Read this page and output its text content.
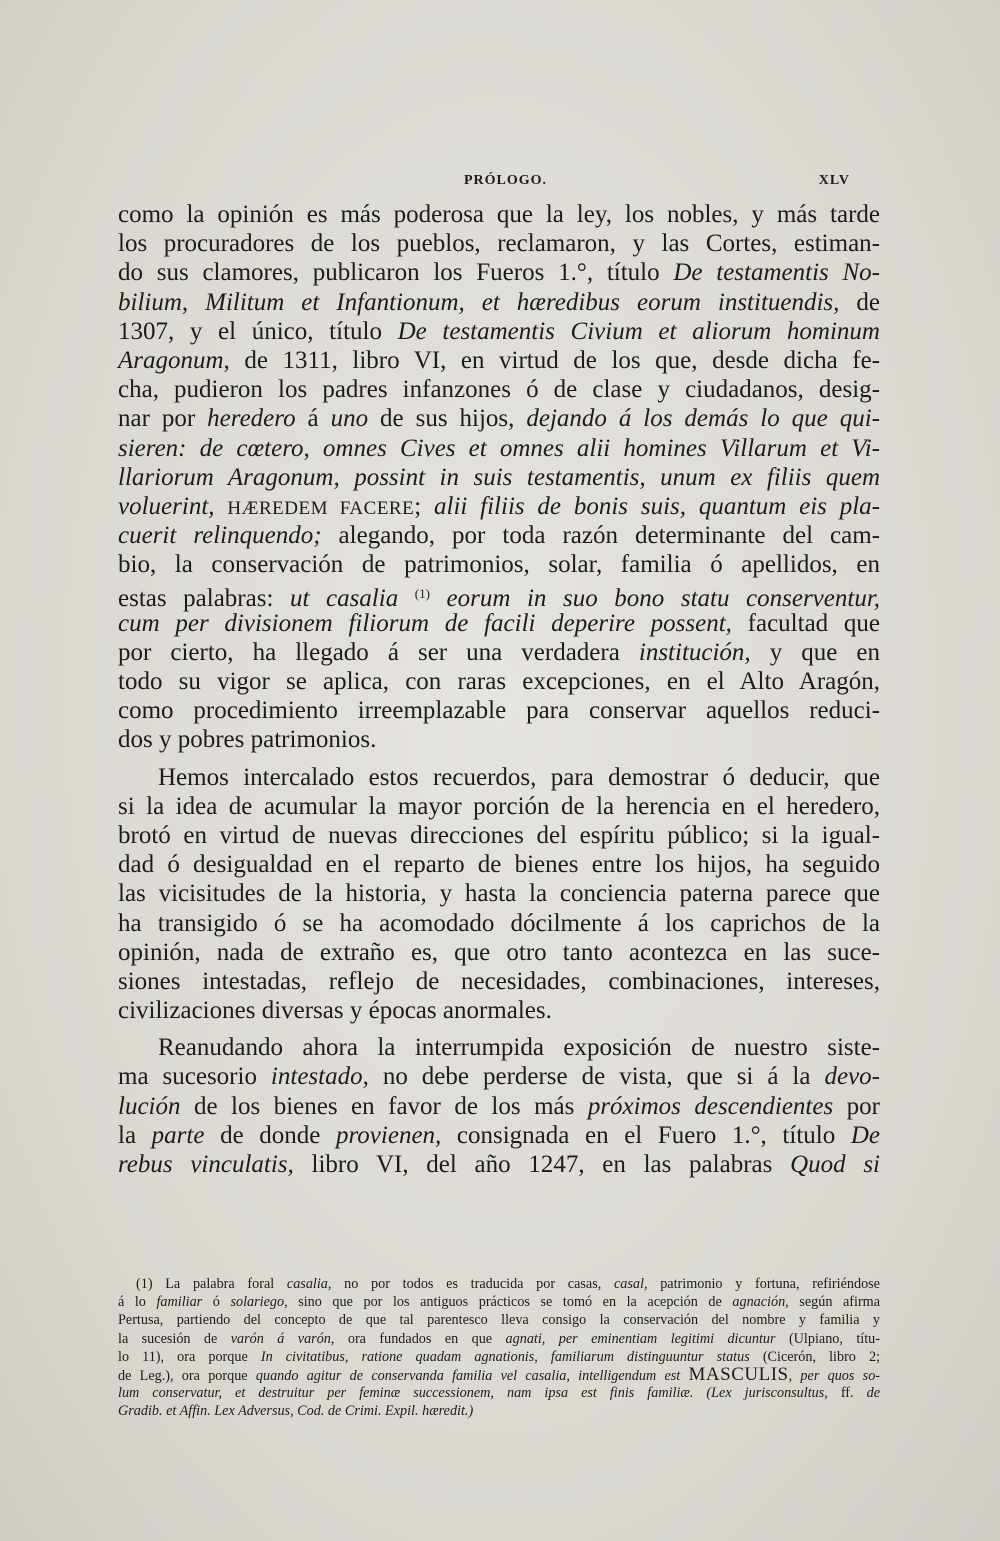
PRÓLOGO.	XLV
como la opinión es más poderosa que la ley, los nobles, y más tarde
los procuradores de los pueblos, reclamaron, y las Cortes, estiman-
do sus clamores, publicaron los Fueros 1.°, título De testamentis No-
bilium, Militum et Infantionum, et hæredibus eorum instituendis, de
1307, y el único, título De testamentis Civium et aliorum hominum
Aragonum, de 1311, libro VI, en virtud de los que, desde dicha fe-
cha, pudieron los padres infanzones ó de clase y ciudadanos, desig-
nar por heredero á uno de sus hijos, dejando á los demás lo que qui-
sieren: de cœtero, omnes Cives et omnes alii homines Villarum et Vi-
llariorum Aragonum, possint in suis testamentis, unum ex filiis quem
voluerint, HÆREDEM FACERE; alii filiis de bonis suis, quantum eis pla-
cuerit relinquendo; alegando, por toda razón determinante del cam-
bio, la conservación de patrimonios, solar, familia ó apellidos, en
estas palabras: ut casalia $^{(1)}$ eorum in suo bono statu conserventur,
cum per divisionem filiorum de facili deperire possent, facultad que
por cierto, ha llegado á ser una verdadera institución, y que en
todo su vigor se aplica, con raras excepciones, en el Alto Aragón,
como procedimiento irreemplazable para conservar aquellos reduci-
dos y pobres patrimonios.
Hemos intercalado estos recuerdos, para demostrar ó deducir, que
si la idea de acumular la mayor porción de la herencia en el heredero,
brotó en virtud de nuevas direcciones del espíritu público; si la igual-
dad ó desigualdad en el reparto de bienes entre los hijos, ha seguido
las vicisitudes de la historia, y hasta la conciencia paterna parece que
ha transigido ó se ha acomodado dócilmente á los caprichos de la
opinión, nada de extraño es, que otro tanto acontezca en las suce-
siones intestadas, reflejo de necesidades, combinaciones, intereses,
civilizaciones diversas y épocas anormales.
Reanudando ahora la interrumpida exposición de nuestro siste-
ma sucesorio intestado, no debe perderse de vista, que si á la devo-
lución de los bienes en favor de los más próximos descendientes por
la parte de donde provienen, consignada en el Fuero 1.°, título De
rebus vinculatis, libro VI, del año 1247, en las palabras Quod si
(1) La palabra foral casalia, no por todos es traducida por casas, casal, patrimonio y fortuna, refiriéndose
á lo familiar ó solariego, sino que por los antiguos prácticos se tomó en la acepción de agnación, según afirma
Pertusa, partiendo del concepto de que tal parentesco lleva consigo la conservación del nombre y familia y
la sucesión de varón á varón, ora fundados en que agnati, per eminentiam legitimi dicuntur (Ulpiano, títu-
lo 11), ora porque In civitatibus, ratione quadam agnationis, familiarum distinguuntur status (Cicerón, libro 2;
de Leg.), ora porque quando agitur de conservanda familia vel casalia, intelligendum est MASCULIS, per quos so-
lum conservatur, et destruitur per feminæ successionem, nam ipsa est finis familiæ. (Lex jurisconsultus, ff. de
Gradib. et Affin. Lex Adversus, Cod. de Crimi. Expil. hæredit.)
